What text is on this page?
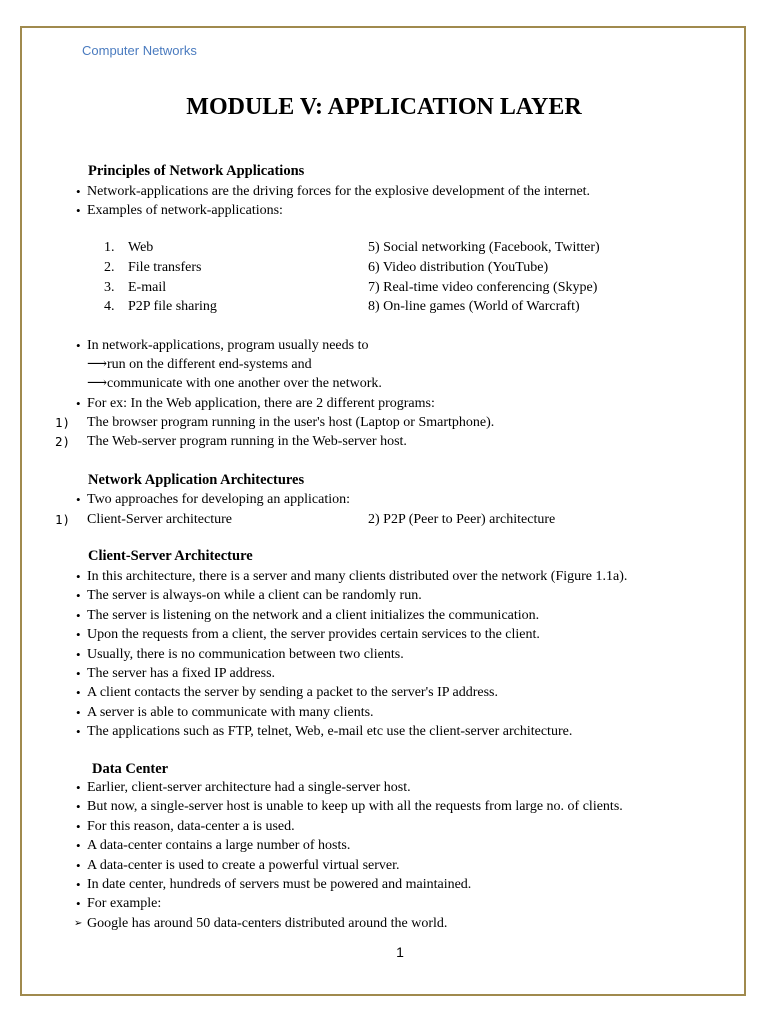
Computer Networks
MODULE V: APPLICATION LAYER
Principles of Network Applications
• Network-applications are the driving forces for the explosive development of the internet.
• Examples of network-applications:
1. Web	5) Social networking (Facebook, Twitter)
2. File transfers	6) Video distribution (YouTube)
3. E-mail	7) Real-time video conferencing (Skype)
4. P2P file sharing	8) On-line games (World of Warcraft)
• In network-applications, program usually needs to
⟶ run on the different end-systems and
⟶ communicate with one another over the network.
• For ex: In the Web application, there are 2 different programs:
1) The browser program running in the user's host (Laptop or Smartphone).
2) The Web-server program running in the Web-server host.
Network Application Architectures
• Two approaches for developing an application:
1) Client-Server architecture	2) P2P (Peer to Peer) architecture
Client-Server Architecture
• In this architecture, there is a server and many clients distributed over the network (Figure 1.1a).
• The server is always-on while a client can be randomly run.
• The server is listening on the network and a client initializes the communication.
• Upon the requests from a client, the server provides certain services to the client.
• Usually, there is no communication between two clients.
• The server has a fixed IP address.
• A client contacts the server by sending a packet to the server's IP address.
• A server is able to communicate with many clients.
• The applications such as FTP, telnet, Web, e-mail etc use the client-server architecture.
Data Center
• Earlier, client-server architecture had a single-server host.
• But now, a single-server host is unable to keep up with all the requests from large no. of clients.
• For this reason, data-center a is used.
• A data-center contains a large number of hosts.
• A data-center is used to create a powerful virtual server.
• In date center, hundreds of servers must be powered and maintained.
• For example:
➢ Google has around 50 data-centers distributed around the world.
1
